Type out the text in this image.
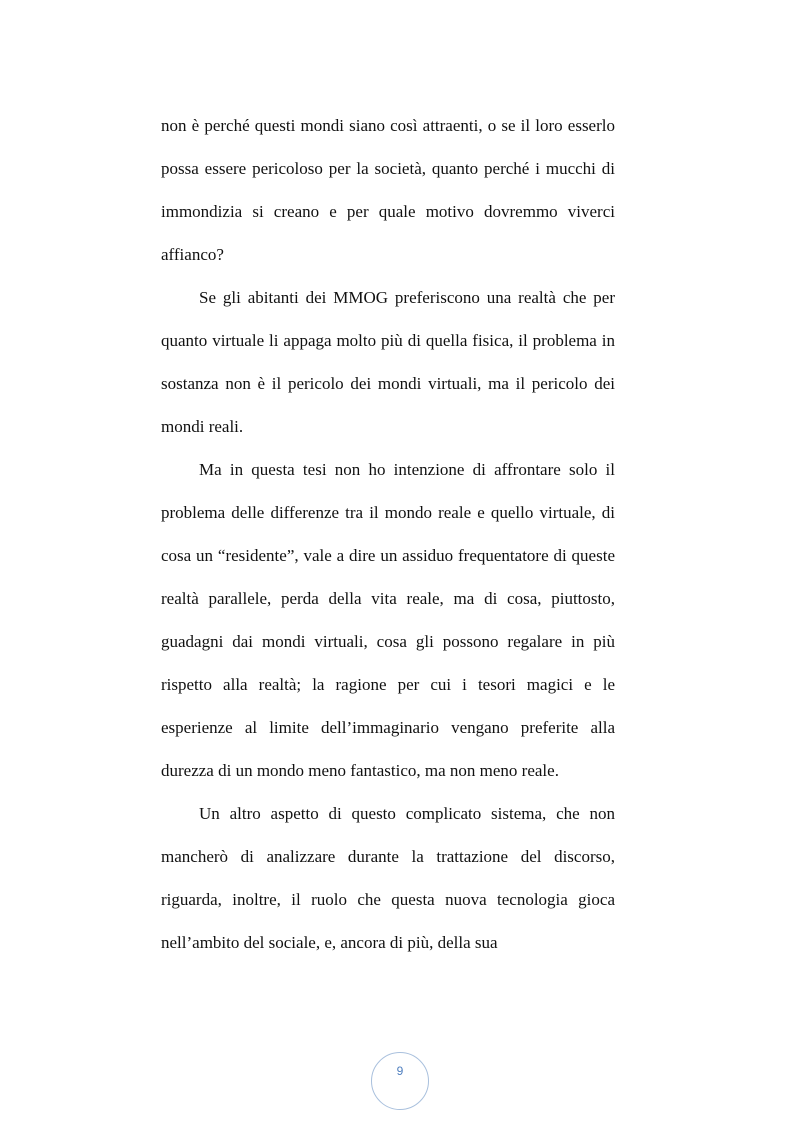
non è perché questi mondi siano così attraenti, o se il loro esserlo possa essere pericoloso per la società, quanto perché i mucchi di immondizia si creano e per quale motivo dovremmo viverci affianco?

Se gli abitanti dei MMOG preferiscono una realtà che per quanto virtuale li appaga molto più di quella fisica, il problema in sostanza non è il pericolo dei mondi virtuali, ma il pericolo dei mondi reali.

Ma in questa tesi non ho intenzione di affrontare solo il problema delle differenze tra il mondo reale e quello virtuale, di cosa un “residente”, vale a dire un assiduo frequentatore di queste realtà parallele, perda della vita reale, ma di cosa, piuttosto, guadagni dai mondi virtuali, cosa gli possono regalare in più rispetto alla realtà; la ragione per cui i tesori magici e le esperienze al limite dell’immaginario vengano preferite alla durezza di un mondo meno fantastico, ma non meno reale.

Un altro aspetto di questo complicato sistema, che non mancherò di analizzare durante la trattazione del discorso, riguarda, inoltre, il ruolo che questa nuova tecnologia gioca nell’ambito del sociale, e, ancora di più, della sua

9
